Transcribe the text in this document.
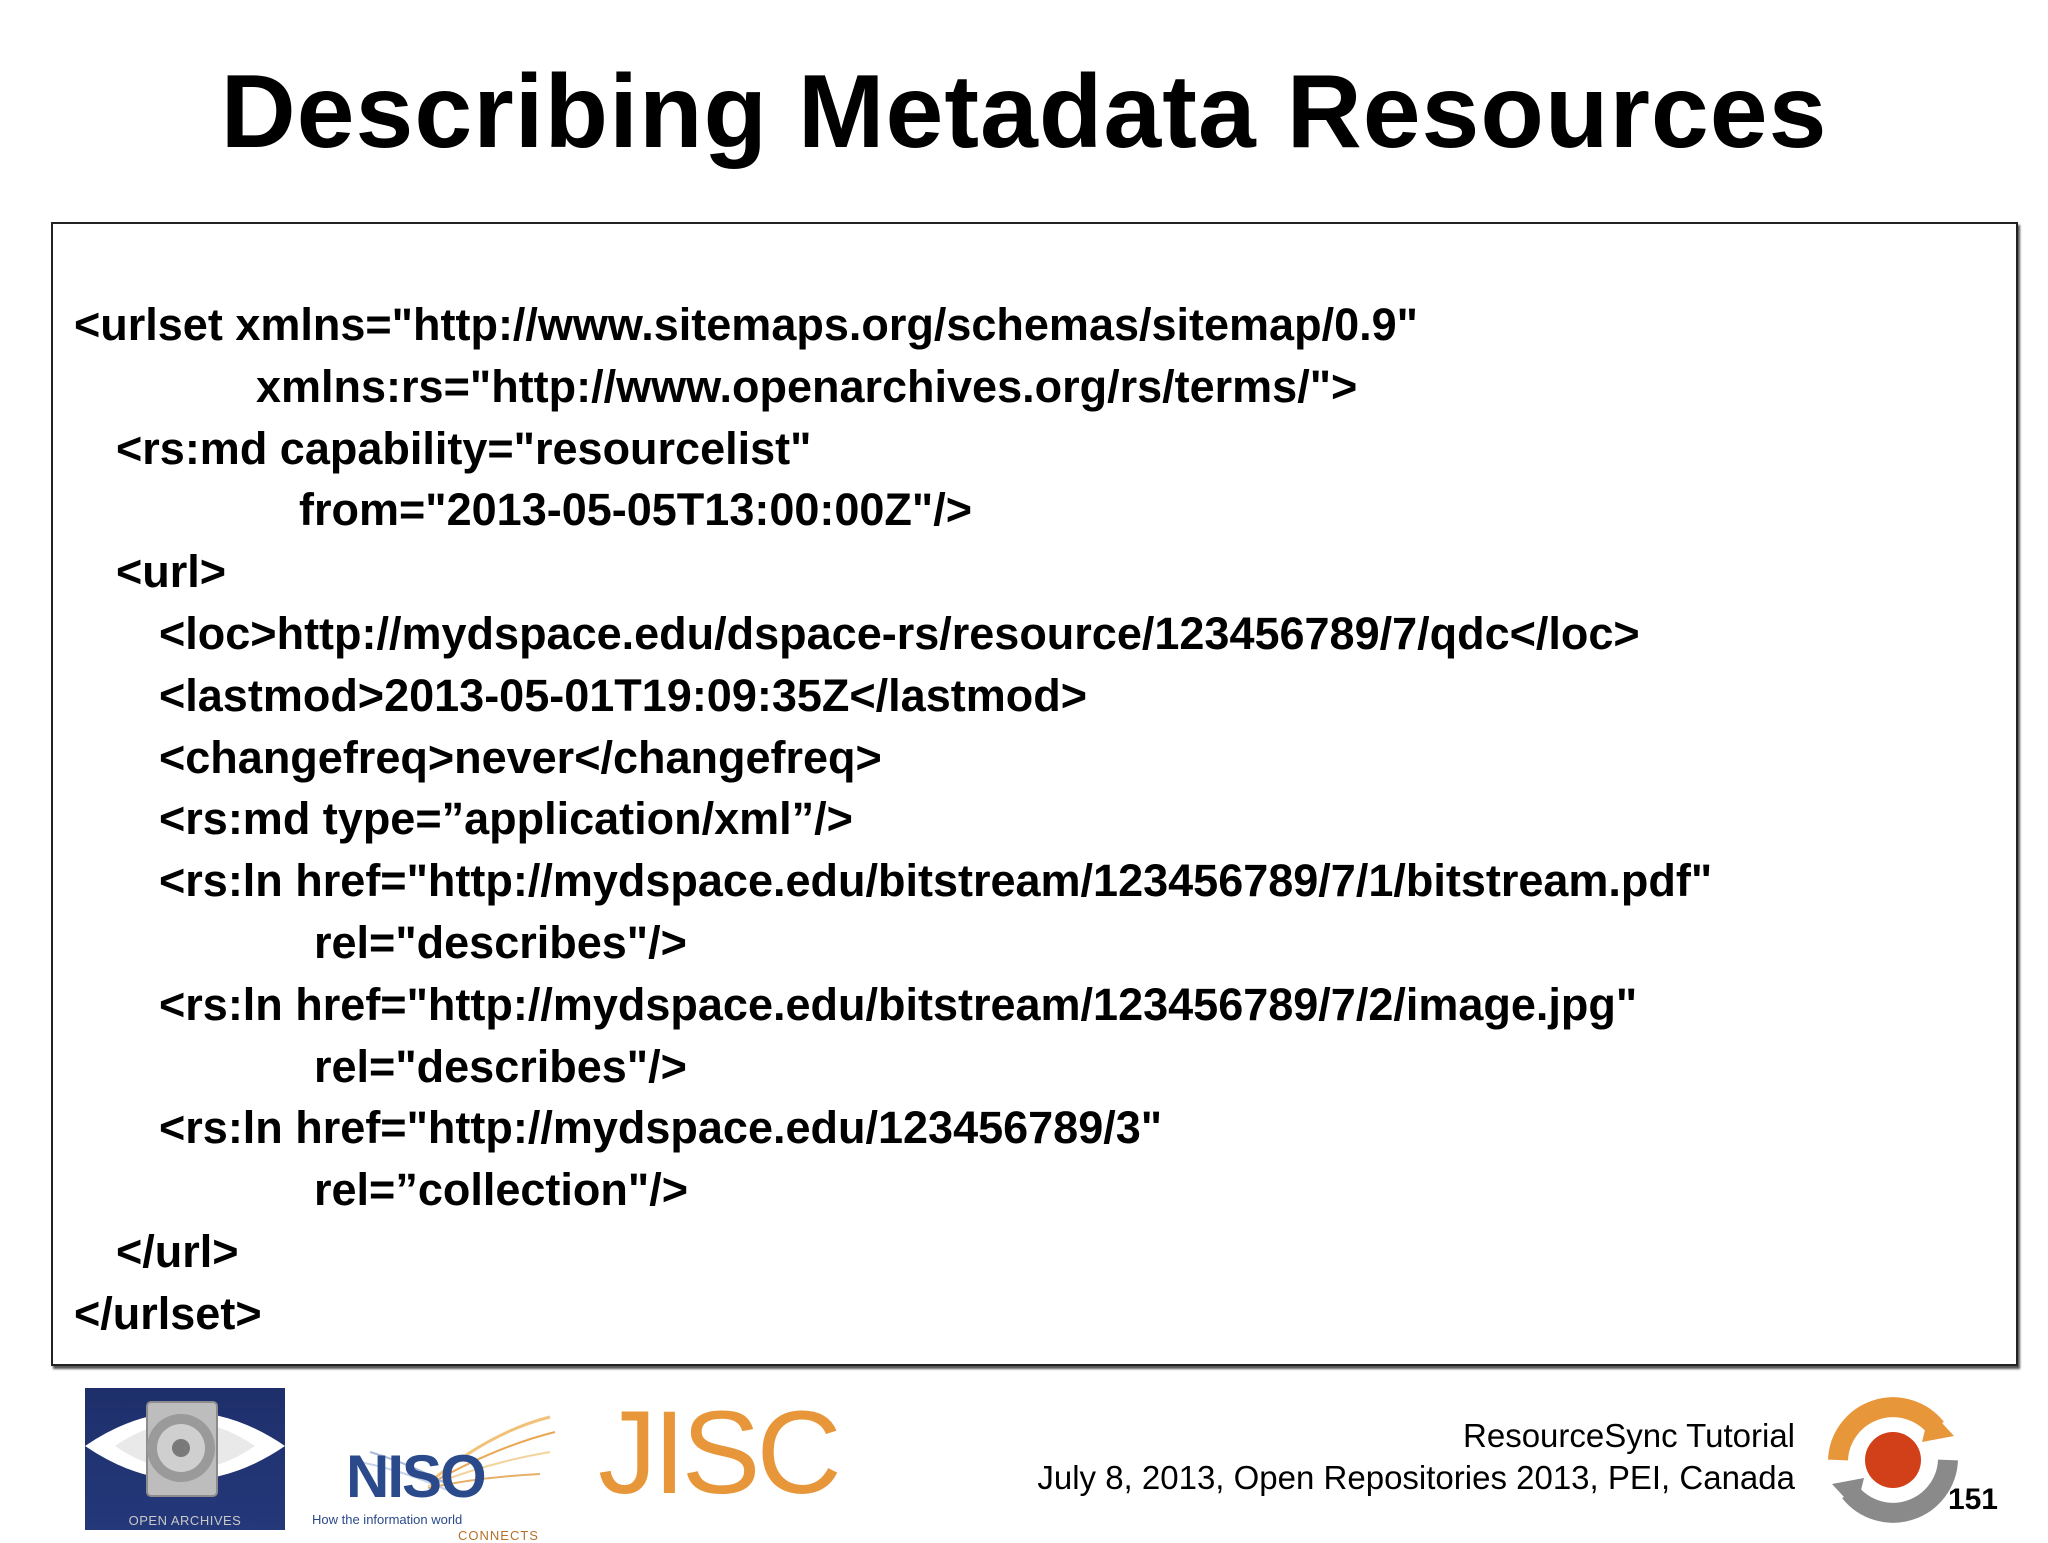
Describing Metadata Resources
<urlset xmlns="http://www.sitemaps.org/schemas/sitemap/0.9"
xmlns:rs="http://www.openarchives.org/rs/terms/">
<rs:md capability="resourcelist"
from="2013-05-05T13:00:00Z"/>
<url>
<loc>http://mydspace.edu/dspace-rs/resource/123456789/7/qdc</loc>
<lastmod>2013-05-01T19:09:35Z</lastmod>
<changefreq>never</changefreq>
<rs:md type=”application/xml”/>
<rs:ln href="http://mydspace.edu/bitstream/123456789/7/1/bitstream.pdf"
rel="describes"/>
<rs:ln href="http://mydspace.edu/bitstream/123456789/7/2/image.jpg"
rel="describes"/>
<rs:ln href="http://mydspace.edu/123456789/3"
rel=”collection"/>
</url>
</urlset>
OPEN ARCHIVES
NISO
How the information world
CONNECTS
JISC	ResourceSync Tutorial
July 8, 2013, Open Repositories 2013, PEI, Canada
151
